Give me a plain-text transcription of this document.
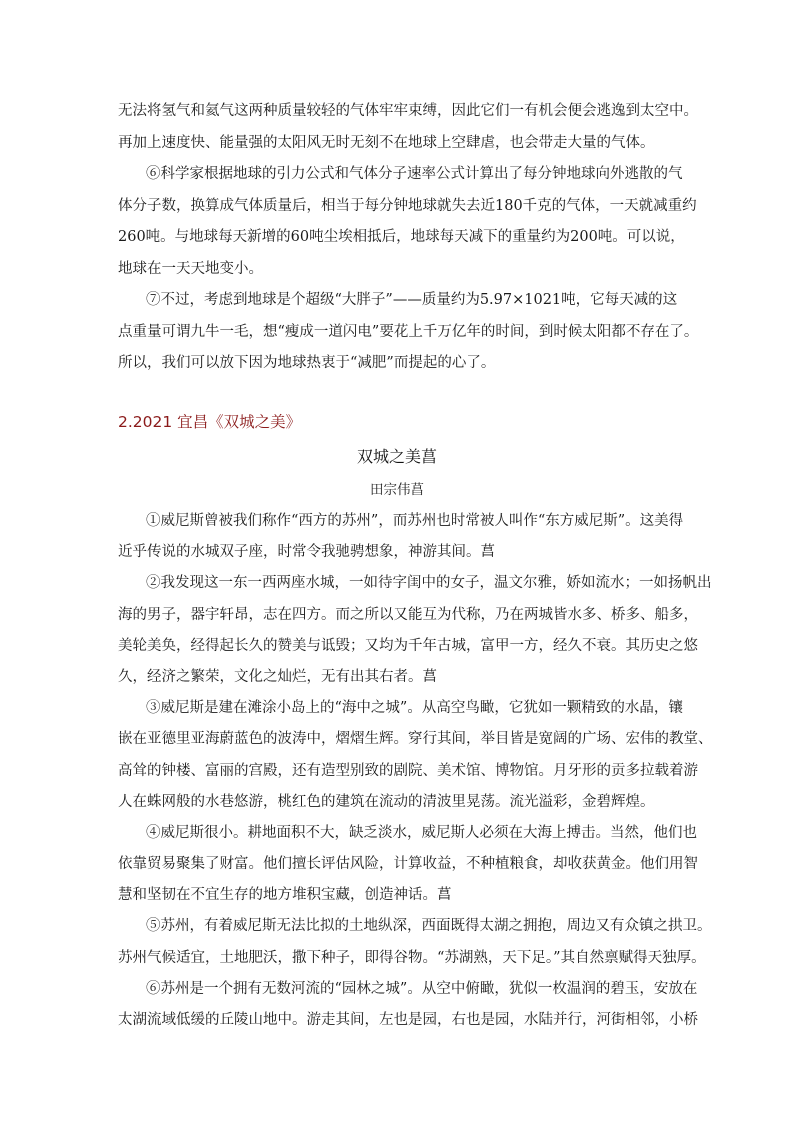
无法将氢气和氦气这两种质量较轻的气体牢牢束缚，因此它们一有机会便会逃逸到太空中。
再加上速度快、能量强的太阳风无时无刻不在地球上空肆虐，也会带走大量的气体。
⑥科学家根据地球的引力公式和气体分子速率公式计算出了每分钟地球向外逃散的气
体分子数，换算成气体质量后，相当于每分钟地球就失去近180千克的气体，一天就减重约
260吨。与地球每天新增的60吨尘埃相抵后，地球每天减下的重量约为200吨。可以说，
地球在一天天地变小。
⑦不过，考虑到地球是个超级“大胖子”——质量约为5.97×1021吨，它每天减的这
点重量可谓九牛一毛，想“瘦成一道闪电”要花上千万亿年的时间，到时候太阳都不存在了。
所以，我们可以放下因为地球热衷于“减肥”而提起的心了。
2.2021 宜昌《双城之美》
双城之美菖
田宗伟菖
①威尼斯曾被我们称作“西方的苏州”，而苏州也时常被人叫作“东方威尼斯”。这美得
近乎传说的水城双子座，时常令我驰骋想象，神游其间。菖
②我发现这一东一西两座水城，一如待字闺中的女子，温文尔雅，娇如流水；一如扬帆出
海的男子，器宇轩昂，志在四方。而之所以又能互为代称，乃在两城皆水多、桥多、船多，
美轮美奂，经得起长久的赞美与诋毁；又均为千年古城，富甲一方，经久不衰。其历史之悠
久，经济之繁荣，文化之灿烂，无有出其右者。菖
③威尼斯是建在滩涂小岛上的“海中之城”。从高空鸟瞰，它犹如一颗精致的水晶，镶
嵌在亚德里亚海蔚蓝色的波涛中，熠熠生辉。穿行其间，举目皆是宽阔的广场、宏伟的教堂、
高耸的钟楼、富丽的宫殿，还有造型别致的剧院、美术馆、博物馆。月牙形的贡多拉载着游
人在蛛网般的水巷悠游，桃红色的建筑在流动的清波里晃荡。流光溢彩，金碧辉煌。
④威尼斯很小。耕地面积不大，缺乏淡水，威尼斯人必须在大海上搏击。当然，他们也
依靠贸易聚集了财富。他们擅长评估风险，计算收益，不种植粮食，却收获黄金。他们用智
慧和坚韧在不宜生存的地方堆积宝藏，创造神话。菖
⑤苏州，有着威尼斯无法比拟的土地纵深，西面既得太湖之拥抱，周边又有众镇之拱卫。
苏州气候适宜，土地肥沃，撒下种子，即得谷物。“苏湖熟，天下足。”其自然禀赋得天独厚。
⑥苏州是一个拥有无数河流的“园林之城”。从空中俯瞰，犹似一枚温润的碧玉，安放在
太湖流域低缓的丘陵山地中。游走其间，左也是园，右也是园，水陆并行，河街相邻，小桥
